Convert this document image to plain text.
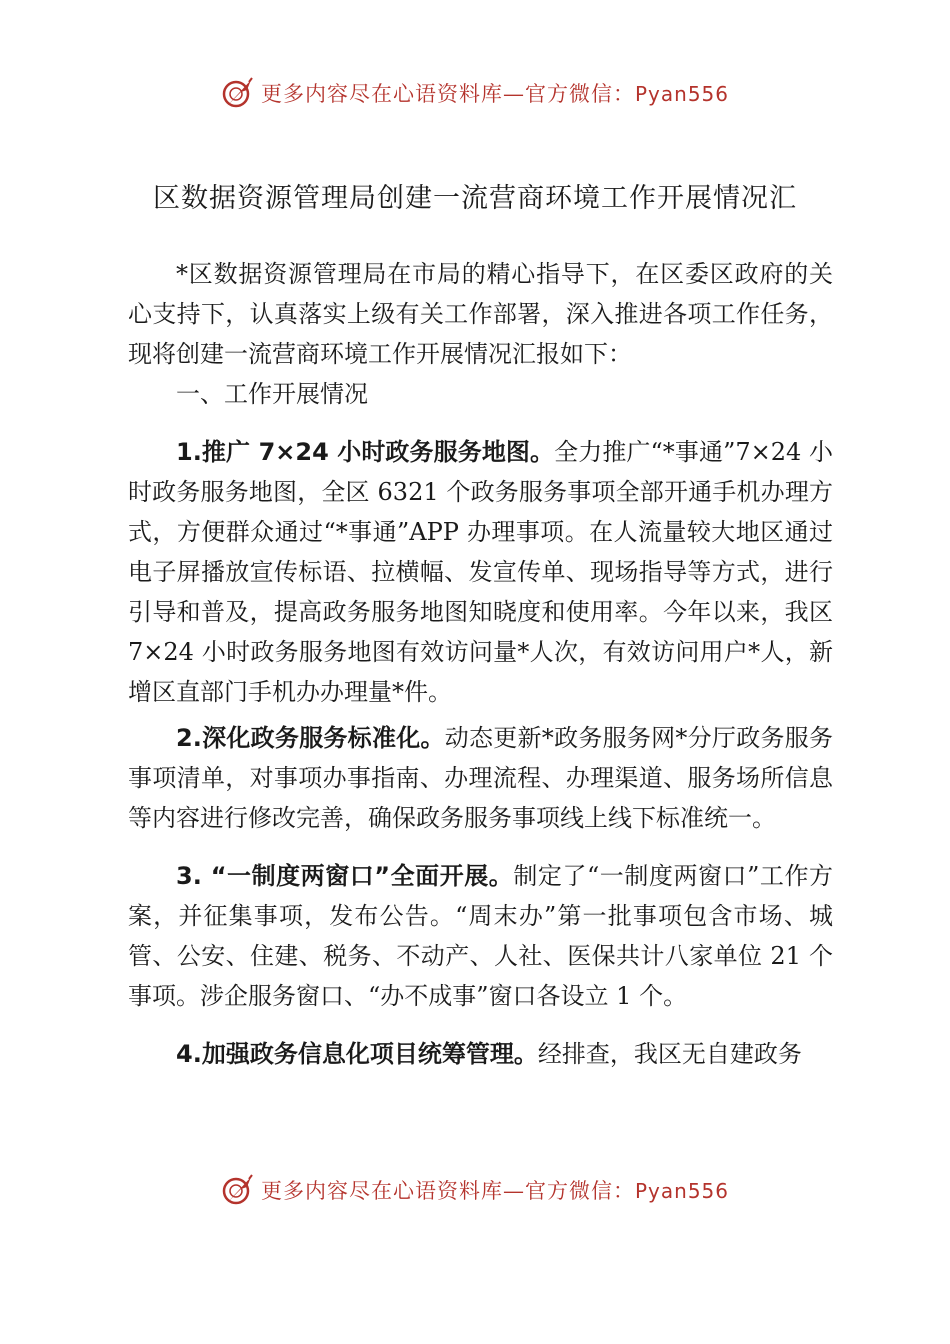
更多内容尽在心语资料库—官方微信：Pyan556
区数据资源管理局创建一流营商环境工作开展情况汇

*区数据资源管理局在市局的精心指导下，在区委区政府的关心支持下，认真落实上级有关工作部署，深入推进各项工作任务，现将创建一流营商环境工作开展情况汇报如下：

一、工作开展情况

1.推广 7×24 小时政务服务地图。全力推广“*事通”7×24 小时政务服务地图，全区 6321 个政务服务事项全部开通手机办理方式，方便群众通过“*事通”APP 办理事项。在人流量较大地区通过电子屏播放宣传标语、拉横幅、发宣传单、现场指导等方式，进行引导和普及，提高政务服务地图知晓度和使用率。今年以来，我区 7×24 小时政务服务地图有效访问量*人次，有效访问用户*人，新增区直部门手机办办理量*件。

2.深化政务服务标准化。动态更新*政务服务网*分厅政务服务事项清单，对事项办事指南、办理流程、办理渠道、服务场所信息等内容进行修改完善，确保政务服务事项线上线下标准统一。

3. “一制度两窗口”全面开展。制定了“一制度两窗口”工作方案，并征集事项，发布公告。“周末办”第一批事项包含市场、城管、公安、住建、税务、不动产、人社、医保共计八家单位 21 个事项。涉企服务窗口、“办不成事”窗口各设立 1 个。

4.加强政务信息化项目统筹管理。经排查，我区无自建政务

更多内容尽在心语资料库—官方微信：Pyan556
